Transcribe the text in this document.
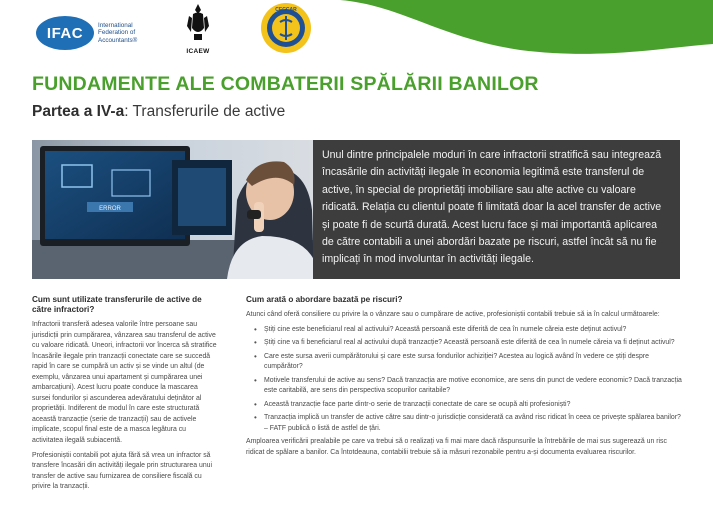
IFAC	International Federation of Accountants®
ICAEW
CECCAR
FUNDAMENTE ALE COMBATERII SPĂLĂRII BANILOR
Partea a IV-a: Transferurile de active
ERROR
Unul dintre principalele moduri în care infractorii stratifică sau integrează încasările din activități ilegale în economia legitimă este transferul de active, în special de proprietăți imobiliare sau alte active cu valoare ridicată. Relația cu clientul poate fi limitată doar la acel transfer de active și poate fi de scurtă durată. Acest lucru face și mai importantă aplicarea de către contabili a unei abordări bazate pe riscuri, astfel încât să nu fie implicați în mod involuntar în activități ilegale.
Cum sunt utilizate transferurile de active de către infractori?

Infractorii transferă adesea valorile între persoane sau jurisdicții prin cumpărarea, vânzarea sau transferul de active cu valoare ridicată. Uneori, infractorii vor încerca să stratifice încasările ilegale prin tranzacții conectate care se succedă rapid în care se cumpără un activ și se vinde un altul (de exemplu, vânzarea unui apartament și cumpărarea unei ambarcațiuni). Acest lucru poate conduce la mascarea sursei fondurilor și ascunderea adevăratului deținător al proprietății. Indiferent de modul în care este structurată această tranzacție (serie de tranzacții) sau de activele implicate, scopul final este de a masca legătura cu activitatea ilegală subiacentă.

Profesioniștii contabili pot ajuta fără să vrea un infractor să transfere încasări din activități ilegale prin structurarea unui transfer de active sau furnizarea de consiliere fiscală cu privire la tranzacții.

Cum arată o abordare bazată pe riscuri?

Atunci când oferă consiliere cu privire la o vânzare sau o cumpărare de active, profesioniștii contabili trebuie să ia în calcul următoarele:

• Știți cine este beneficiarul real al activului? Această persoană este diferită de cea în numele căreia este deținut activul?
• Știți cine va fi beneficiarul real al activului după tranzacție? Această persoană este diferită de cea în numele căreia va fi deținut activul?
• Care este sursa averii cumpărătorului și care este sursa fondurilor achiziției? Acestea au logică având în vedere ce știți despre cumpărător?
• Motivele transferului de active au sens? Dacă tranzacția are motive economice, are sens din punct de vedere economic? Dacă tranzacția este caritabilă, are sens din perspectiva scopurilor caritabile?
• Această tranzacție face parte dintr-o serie de tranzacții conectate de care se ocupă alti profesioniști?
• Tranzacția implică un transfer de active către sau dintr-o jurisdicție considerată ca având risc ridicat în ceea ce privește spălarea banilor? – FATF publică o listă de astfel de țări.

Amploarea verificării prealabile pe care va trebui să o realizați va fi mai mare dacă răspunsurile la întrebările de mai sus sugerează un risc ridicat de spălare a banilor. Ca întotdeauna, contabilii trebuie să ia măsuri rezonabile pentru a-și documenta evaluarea riscurilor.
